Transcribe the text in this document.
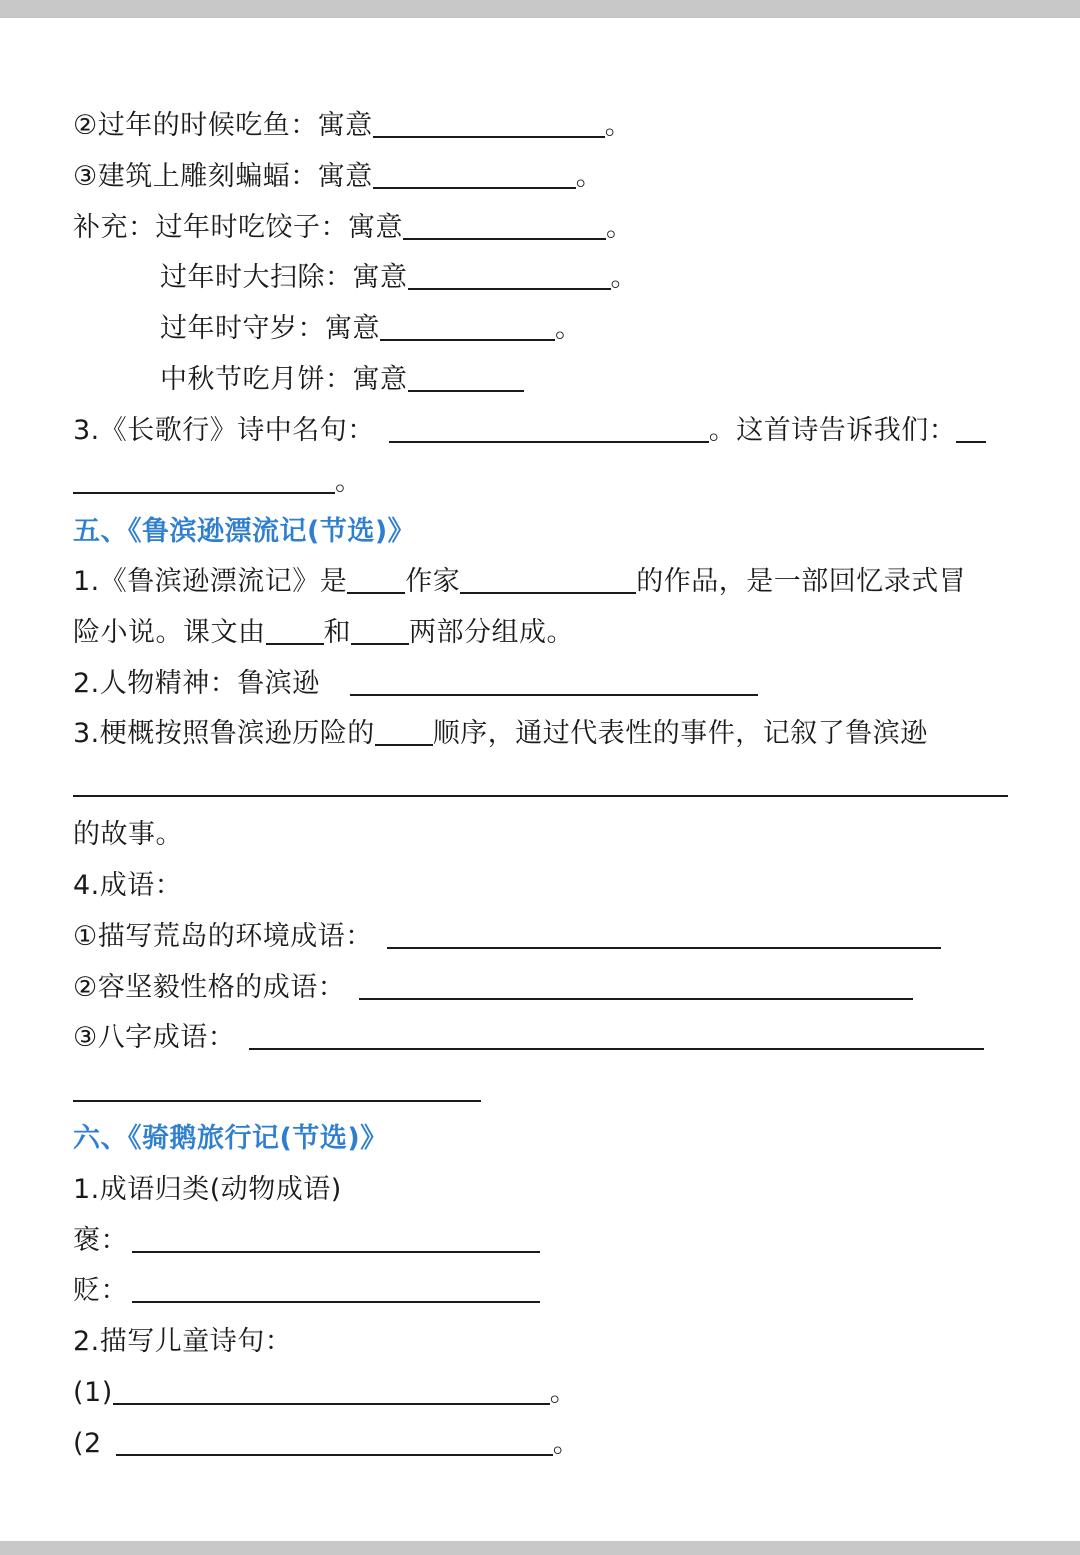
②过年的时候吃鱼：寓意	。
③建筑上雕刻蝙蝠：寓意	。
补充：过年时吃饺子：寓意	。
过年时大扫除：寓意	。
过年时守岁：寓意	。
中秋节吃月饼：寓意
3.《长歌行》诗中名句：	。这首诗告诉我们：
。
五、《鲁滨逊漂流记(节选)》
1.《鲁滨逊漂流记》是 作家	的作品，是一部回忆录式冒
险小说。课文由 和 两部分组成。
2.人物精神：鲁滨逊
3.梗概按照鲁滨逊历险的 顺序，通过代表性的事件，记叙了鲁滨逊
的故事。
4.成语：
①描写荒岛的环境成语：
②容坚毅性格的成语：
③八字成语：
六、《骑鹅旅行记(节选)》
1.成语归类(动物成语)
褒：
贬：
2.描写儿童诗句：
(1)	。
(2	。
